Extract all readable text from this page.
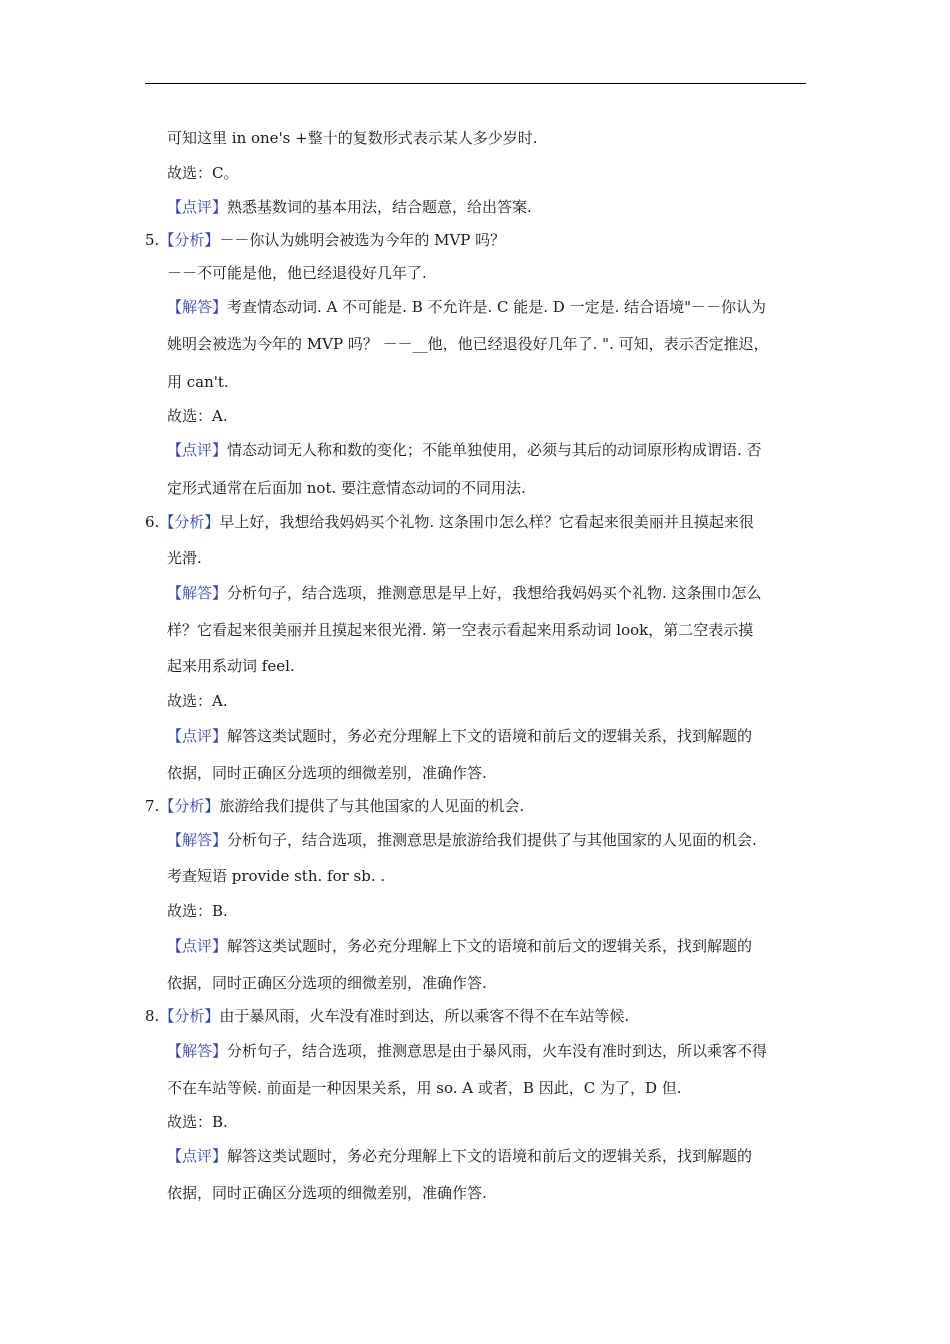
可知这里 in one's +整十的复数形式表示某人多少岁时.
故选：C。
【点评】熟悉基数词的基本用法，结合题意，给出答案.
5.【分析】－－你认为姚明会被选为今年的 MVP 吗？
－－不可能是他，他已经退役好几年了.
【解答】考查情态动词. A 不可能是. B 不允许是. C 能是. D 一定是. 结合语境"－－你认为
姚明会被选为今年的 MVP 吗？ －－__他，他已经退役好几年了. ". 可知，表示否定推迟，
用 can't.
故选：A.
【点评】情态动词无人称和数的变化；不能单独使用，必须与其后的动词原形构成谓语. 否
定形式通常在后面加 not. 要注意情态动词的不同用法.
6.【分析】早上好，我想给我妈妈买个礼物. 这条围巾怎么样？它看起来很美丽并且摸起来很
光滑.
【解答】分析句子，结合选项，推测意思是早上好，我想给我妈妈买个礼物. 这条围巾怎么
样？它看起来很美丽并且摸起来很光滑. 第一空表示看起来用系动词 look，第二空表示摸
起来用系动词 feel.
故选：A.
【点评】解答这类试题时，务必充分理解上下文的语境和前后文的逻辑关系，找到解题的
依据，同时正确区分选项的细微差别，准确作答.
7.【分析】旅游给我们提供了与其他国家的人见面的机会.
【解答】分析句子，结合选项，推测意思是旅游给我们提供了与其他国家的人见面的机会.
考查短语 provide sth. for sb. .
故选：B.
【点评】解答这类试题时，务必充分理解上下文的语境和前后文的逻辑关系，找到解题的
依据，同时正确区分选项的细微差别，准确作答.
8.【分析】由于暴风雨，火车没有准时到达，所以乘客不得不在车站等候.
【解答】分析句子，结合选项，推测意思是由于暴风雨，火车没有准时到达，所以乘客不得
不在车站等候. 前面是一种因果关系，用 so. A 或者，B 因此，C 为了，D 但.
故选：B.
【点评】解答这类试题时，务必充分理解上下文的语境和前后文的逻辑关系，找到解题的
依据，同时正确区分选项的细微差别，准确作答.
